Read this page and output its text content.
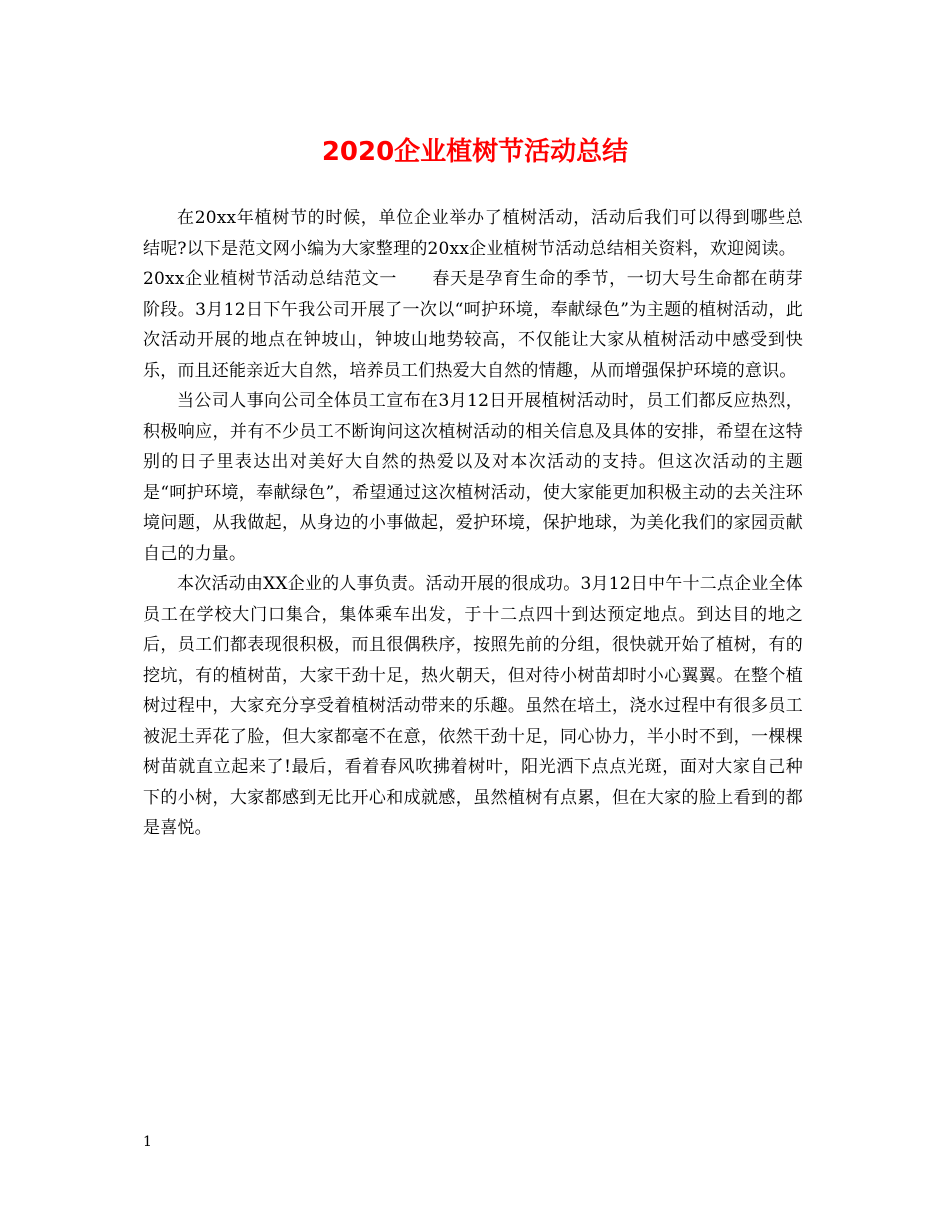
2020企业植树节活动总结

在20xx年植树节的时候，单位企业举办了植树活动，活动后我们可以得到哪些总结呢?以下是范文网小编为大家整理的20xx企业植树节活动总结相关资料，欢迎阅读。

20xx企业植树节活动总结范文一　　春天是孕育生命的季节，一切大号生命都在萌芽阶段。3月12日下午我公司开展了一次以“呵护环境，奉献绿色”为主题的植树活动，此次活动开展的地点在钟坡山，钟坡山地势较高，不仅能让大家从植树活动中感受到快乐，而且还能亲近大自然，培养员工们热爱大自然的情趣，从而增强保护环境的意识。

当公司人事向公司全体员工宣布在3月12日开展植树活动时，员工们都反应热烈，积极响应，并有不少员工不断询问这次植树活动的相关信息及具体的安排，希望在这特别的日子里表达出对美好大自然的热爱以及对本次活动的支持。但这次活动的主题是“呵护环境，奉献绿色”，希望通过这次植树活动，使大家能更加积极主动的去关注环境问题，从我做起，从身边的小事做起，爱护环境，保护地球，为美化我们的家园贡献自己的力量。

本次活动由XX企业的人事负责。活动开展的很成功。3月12日中午十二点企业全体员工在学校大门口集合，集体乘车出发，于十二点四十到达预定地点。到达目的地之后，员工们都表现很积极，而且很偶秩序，按照先前的分组，很快就开始了植树，有的挖坑，有的植树苗，大家干劲十足，热火朝天，但对待小树苗却时小心翼翼。在整个植树过程中，大家充分享受着植树活动带来的乐趣。虽然在培土，浇水过程中有很多员工被泥土弄花了脸，但大家都毫不在意，依然干劲十足，同心协力，半小时不到，一棵棵树苗就直立起来了!最后，看着春风吹拂着树叶，阳光洒下点点光斑，面对大家自己种下的小树，大家都感到无比开心和成就感，虽然植树有点累，但在大家的脸上看到的都是喜悦。

1
